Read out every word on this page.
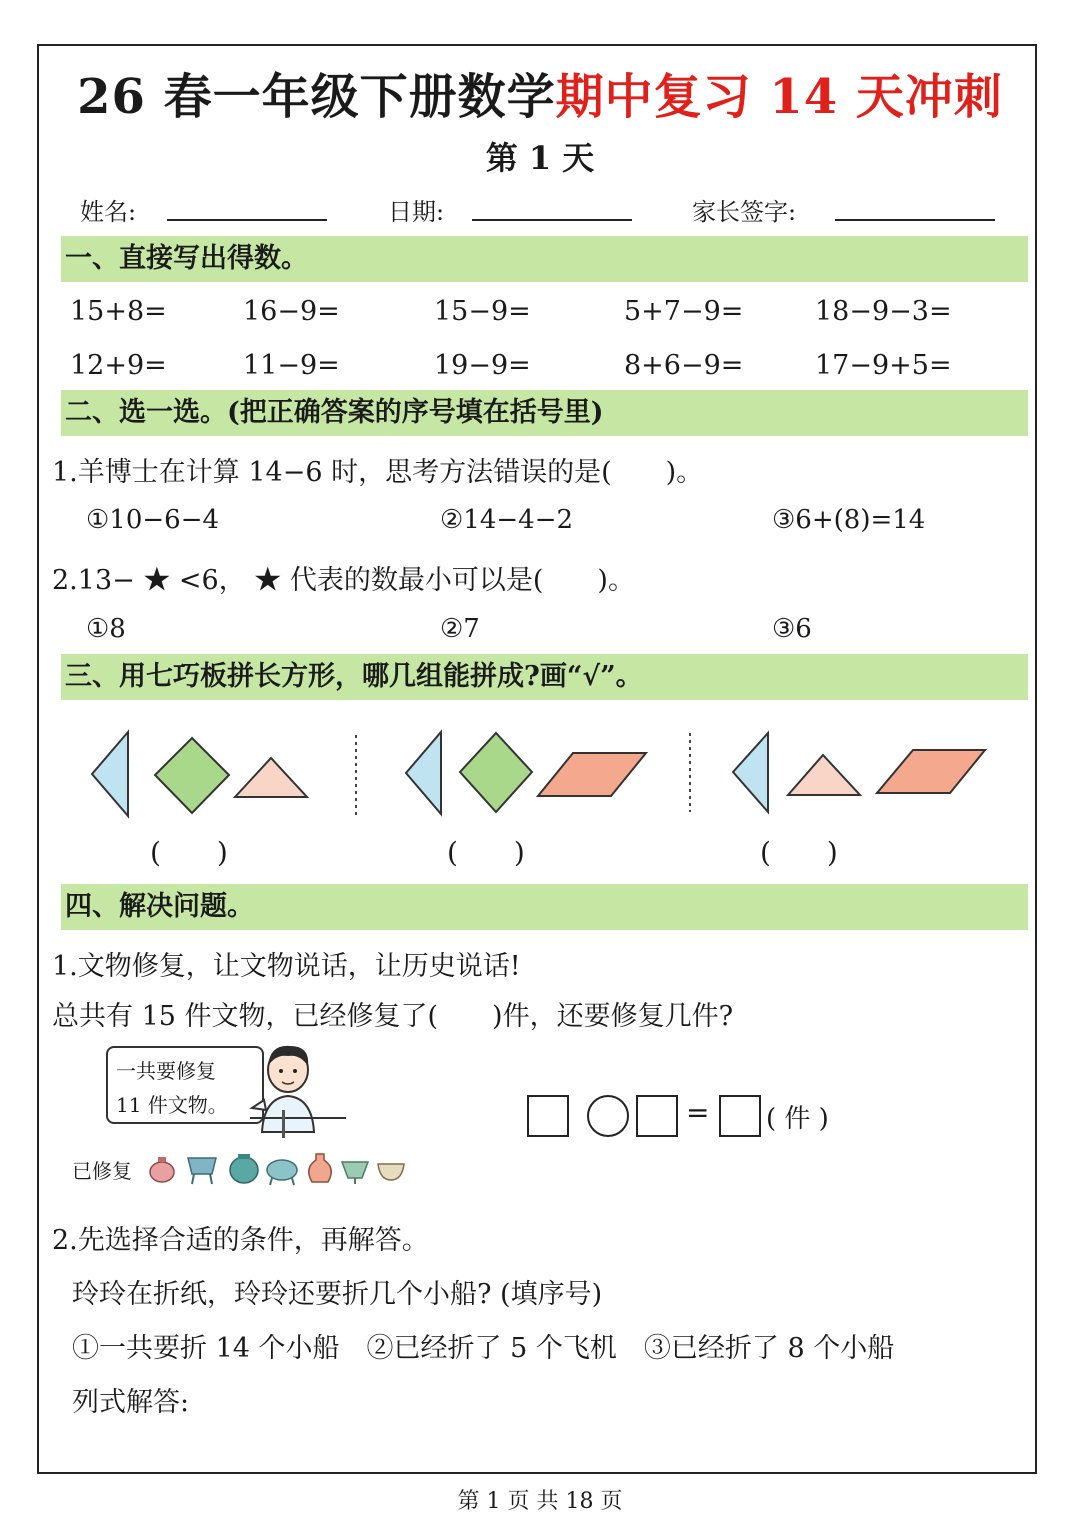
26 春一年级下册数学期中复习 14 天冲刺
第 1 天
姓名:	日期:	家长签字:
一、直接写出得数。
15+8=	16−9=	15−9=	5+7−9=	18−9−3=
12+9=	11−9=	19−9=	8+6−9=	17−9+5=
二、选一选。(把正确答案的序号填在括号里)
1.羊博士在计算 14−6 时，思考方法错误的是(　　)。
①10−6−4	②14−4−2	③6+(8)=14
2.13− ★ <6， ★ 代表的数最小可以是(　　)。
①8	②7	③6
三、用七巧板拼长方形，哪几组能拼成?画“√”。
(　　)	(　　)	(　　)
四、解决问题。
1.文物修复，让文物说话，让历史说话!
总共有 15 件文物，已经修复了(　　)件，还要修复几件?
一共要修复
11 件文物。
已修复
= ( 件 )
2.先选择合适的条件，再解答。
玲玲在折纸，玲玲还要折几个小船? (填序号)
①一共要折 14 个小船　②已经折了 5 个飞机　③已经折了 8 个小船
列式解答:
第 1 页 共 18 页
